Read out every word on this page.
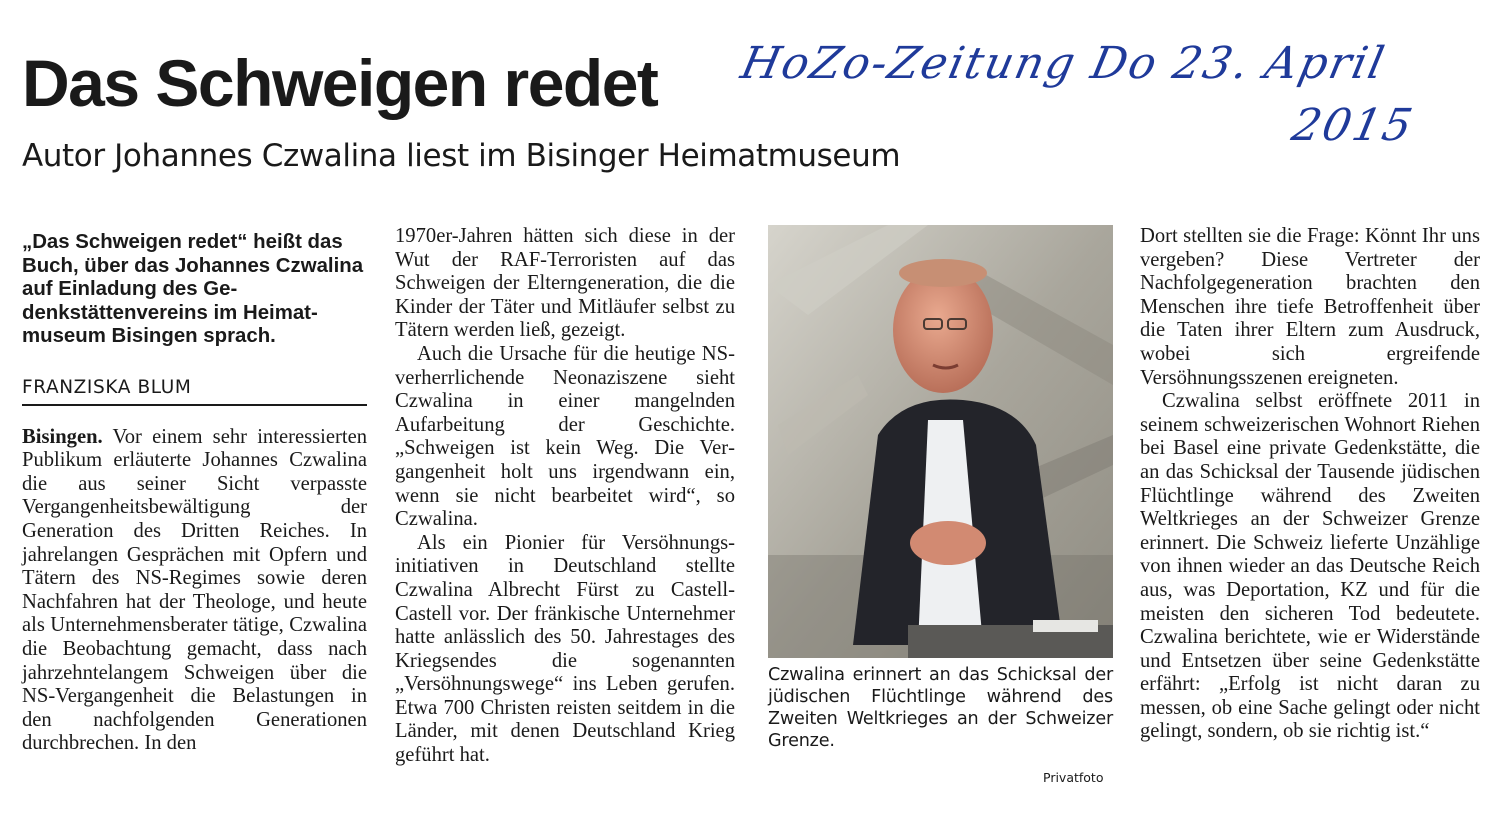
Das Schweigen redet
Autor Johannes Czwalina liest im Bisinger Heimatmuseum
HoZo-Zeitung Do 23. April
2015

„Das Schweigen redet“ heißt das Buch, über das Johannes Czwalina auf Einladung des Gedenkstättenvereins im Heimatmuseum Bisingen sprach.

FRANZISKA BLUM

Bisingen. Vor einem sehr interessierten Publikum erläuterte Johannes Czwalina die aus seiner Sicht verpasste Vergangenheitsbewältigung der Generation des Dritten Reiches. In jahrelangen Gesprächen mit Opfern und Tätern des NS-Regimes sowie deren Nachfahren hat der Theologe, und heute als Unternehmensberater tätige, Czwalina die Beobachtung gemacht, dass nach jahrzehntelangem Schweigen über die NS-Vergangenheit die Belastungen in den nachfolgenden Generationen durchbrechen. In den

1970er-Jahren hätten sich diese in der Wut der RAF-Terroristen auf das Schweigen der Elterngeneration, die die Kinder der Täter und Mitläufer selbst zu Tätern werden ließ, gezeigt.

Auch die Ursache für die heutige NS-verherrlichende Neonaziszene sieht Czwalina in einer mangelnden Aufarbeitung der Geschichte. „Schweigen ist kein Weg. Die Vergangenheit holt uns irgendwann ein, wenn sie nicht bearbeitet wird“, so Czwalina.

Als ein Pionier für Versöhnungsinitiativen in Deutschland stellte Czwalina Albrecht Fürst zu Castell-Castell vor. Der fränkische Unternehmer hatte anlässlich des 50. Jahrestages des Kriegsendes die sogenannten „Versöhnungswege“ ins Leben gerufen. Etwa 700 Christen reisten seitdem in die Länder, mit denen Deutschland Krieg geführt hat.

Czwalina erinnert an das Schicksal der jüdischen Flüchtlinge während des Zweiten Weltkrieges an der Schweizer Grenze.

Privatfoto

Dort stellten sie die Frage: Könnt Ihr uns vergeben? Diese Vertreter der Nachfolgegeneration brachten den Menschen ihre tiefe Betroffenheit über die Taten ihrer Eltern zum Ausdruck, wobei sich ergreifende Versöhnungsszenen ereigneten.

Czwalina selbst eröffnete 2011 in seinem schweizerischen Wohnort Riehen bei Basel eine private Gedenkstätte, die an das Schicksal der Tausende jüdischen Flüchtlinge während des Zweiten Weltkrieges an der Schweizer Grenze erinnert. Die Schweiz lieferte Unzählige von ihnen wieder an das Deutsche Reich aus, was Deportation, KZ und für die meisten den sicheren Tod bedeutete. Czwalina berichtete, wie er Widerstände und Entsetzen über seine Gedenkstätte erfährt: „Erfolg ist nicht daran zu messen, ob eine Sache gelingt oder nicht gelingt, sondern, ob sie richtig ist.“
